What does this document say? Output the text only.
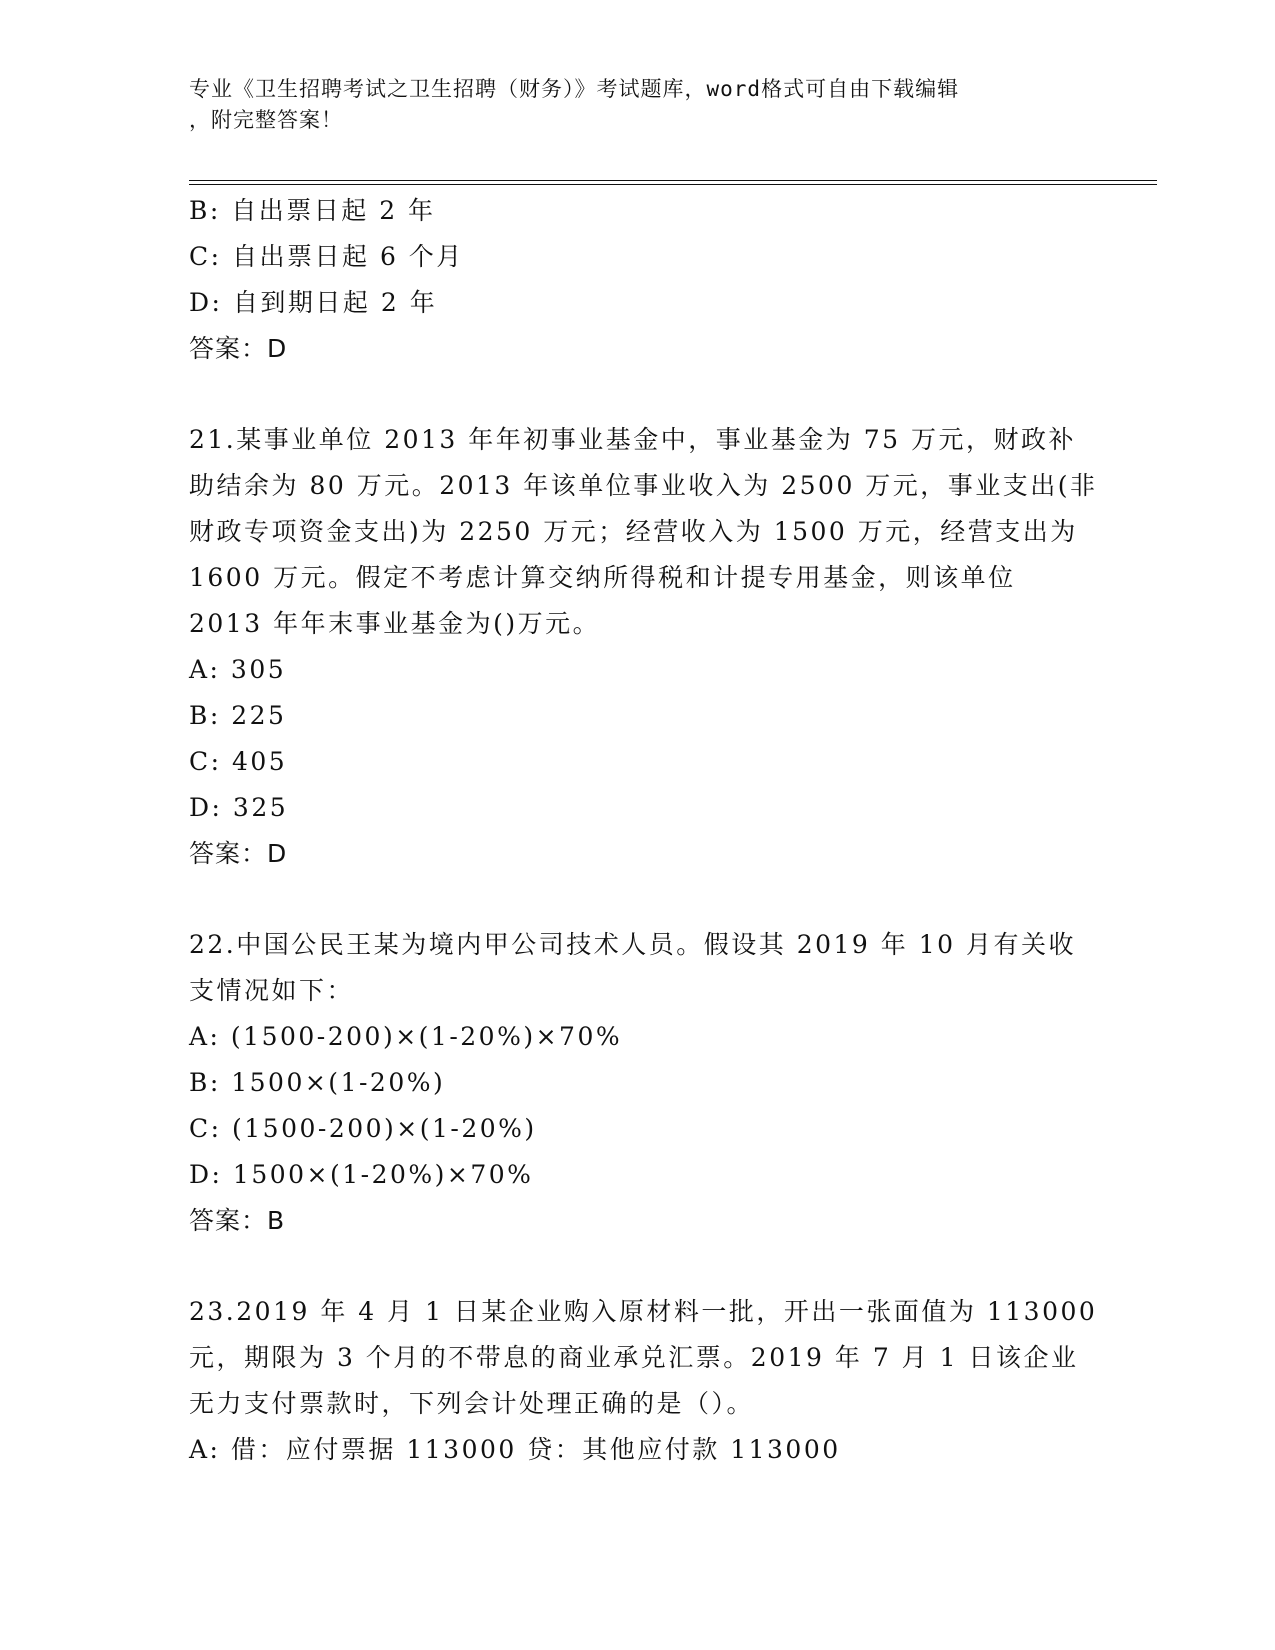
专业《卫生招聘考试之卫生招聘（财务）》考试题库，word格式可自由下载编辑
，附完整答案！
B: 自出票日起 2 年
C: 自出票日起 6 个月
D: 自到期日起 2 年
答案：D
21.某事业单位 2013 年年初事业基金中，事业基金为 75 万元，财政补
助结余为 80 万元。2013 年该单位事业收入为 2500 万元，事业支出(非
财政专项资金支出)为 2250 万元；经营收入为 1500 万元，经营支出为
1600 万元。假定不考虑计算交纳所得税和计提专用基金，则该单位
2013 年年末事业基金为()万元。
A: 305
B: 225
C: 405
D: 325
答案：D
22.中国公民王某为境内甲公司技术人员。假设其 2019 年 10 月有关收
支情况如下：
A: (1500-200)×(1-20%)×70%
B: 1500×(1-20%)
C: (1500-200)×(1-20%)
D: 1500×(1-20%)×70%
答案：B
23.2019 年 4 月 1 日某企业购入原材料一批，开出一张面值为 113000
元，期限为 3 个月的不带息的商业承兑汇票。2019 年 7 月 1 日该企业
无力支付票款时，下列会计处理正确的是（）。
A: 借：应付票据 113000 贷：其他应付款 113000
